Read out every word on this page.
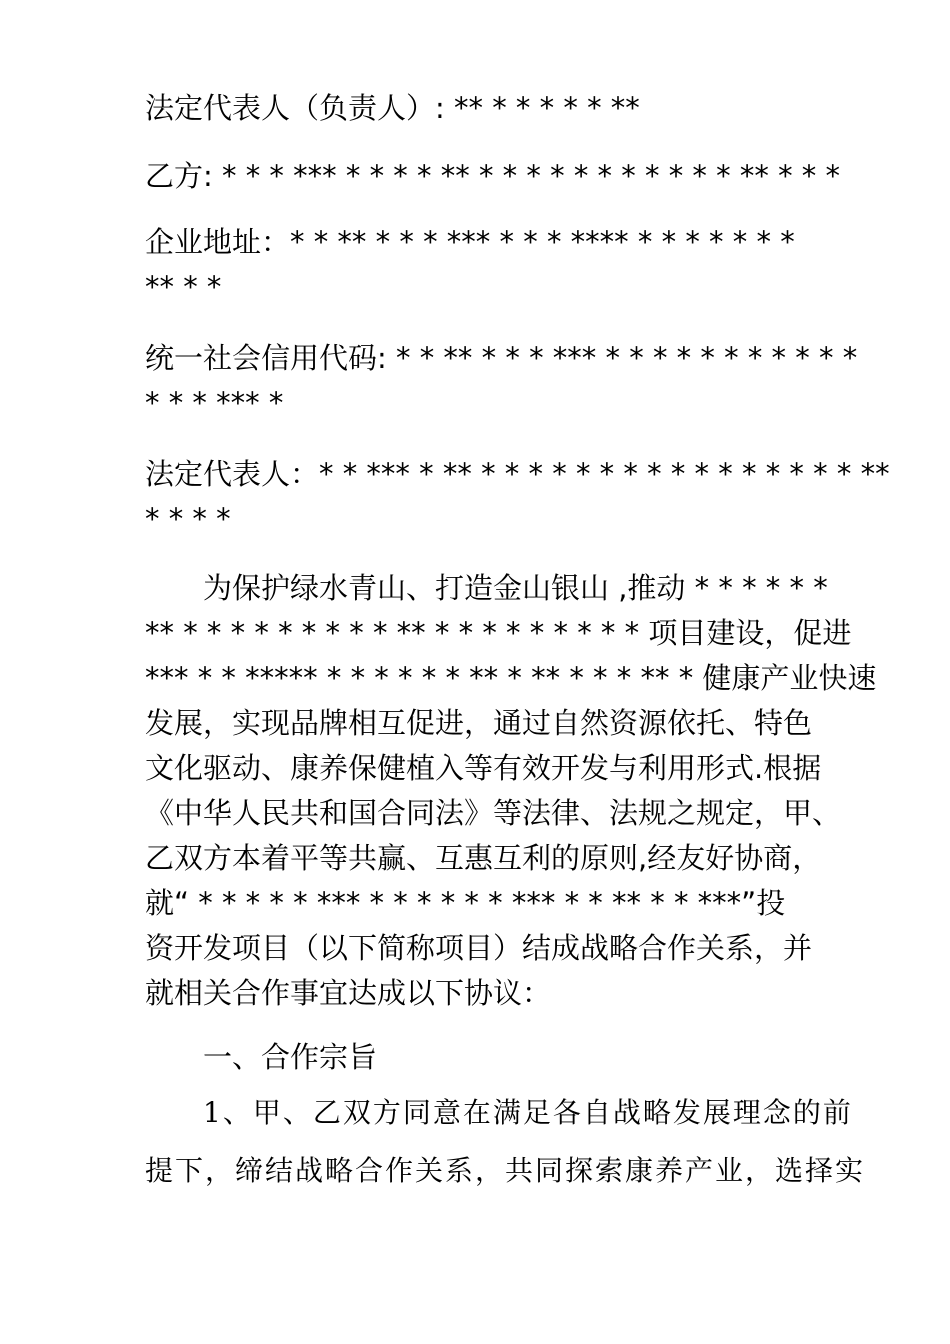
法定代表人（负责人）: ** * * * * * **
乙方: * * * *** * * * * ** * * * * * * * * * * * ** * * *
企业地址：* * ** * * * *** * * * **** * * * * * * *
** * *
统一社会信用代码: * * ** * * * *** * * * * * * * * * * *
* * * *** *
法定代表人：* * *** * ** * * * * * * * * * * * * * * * * **
* * * *
为保护绿水青山、打造金山银山 ,推动 * * * * * *
** * * * * * * * * * ** * * * * * * * * * 项目建设，促进
*** * * ***** * * * * * * ** * ** * * * ** * 健康产业快速
发展，实现品牌相互促进，通过自然资源依托、特色
文化驱动、康养保健植入等有效开发与利用形式.根据
《中华人民共和国合同法》等法律、法规之规定，甲、
乙双方本着平等共赢、互惠互利的原则,经友好协商，
就“ * * * * * *** * * * * * * *** * * ** * * ***”投
资开发项目（以下简称项目）结成战略合作关系，并
就相关合作事宜达成以下协议：
一、合作宗旨
1、甲、乙双方同意在满足各自战略发展理念的前
提下，缔结战略合作关系，共同探索康养产业，选择实
